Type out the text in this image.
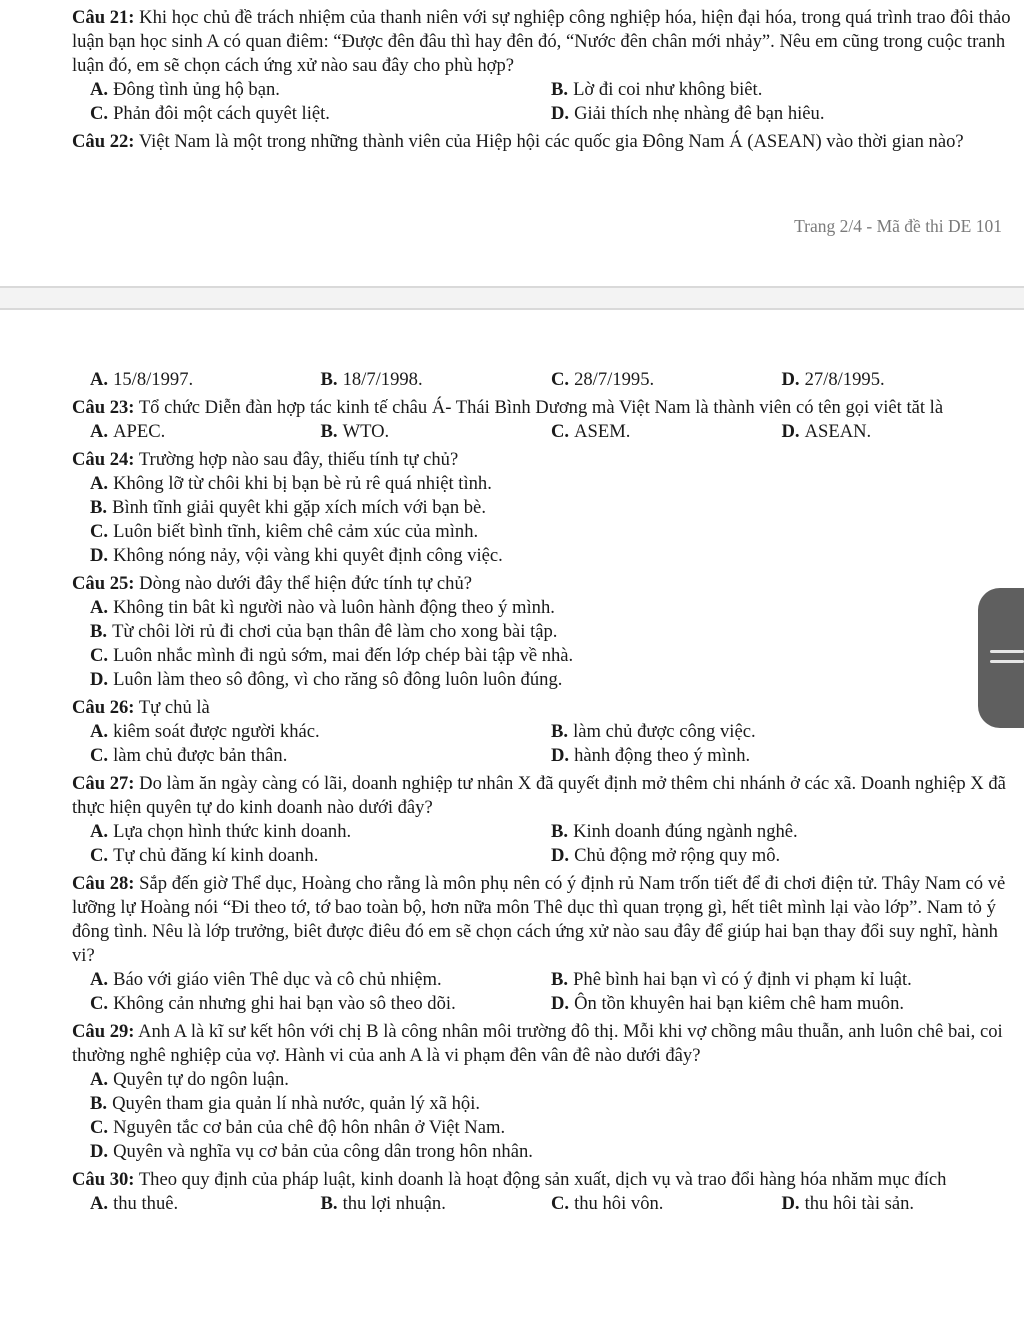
Câu 21: Khi học chủ đề trách nhiệm của thanh niên với sự nghiệp công nghiệp hóa, hiện đại hóa, trong quá trình trao đôi thảo luận bạn học sinh A có quan điêm: “Được đên đâu thì hay đên đó, “Nước đên chân mới nhảy”. Nêu em cũng trong cuộc tranh luận đó, em sẽ chọn cách ứng xử nào sau đây cho phù hợp?

A. Đông tình ủng hộ bạn.	B. Lờ đi coi như không biêt.
C. Phản đôi một cách quyêt liệt.	D. Giải thích nhẹ nhàng đê bạn hiêu.

Câu 22: Việt Nam là một trong những thành viên của Hiệp hội các quốc gia Đông Nam Á (ASEAN) vào thời gian nào?

Trang 2/4 - Mã đề thi DE 101
A. 15/8/1997.	B. 18/7/1998.	C. 28/7/1995.	D. 27/8/1995.

Câu 23: Tổ chức Diễn đàn hợp tác kinh tế châu Á- Thái Bình Dương mà Việt Nam là thành viên có tên gọi viêt tăt là

A. APEC.	B. WTO.	C. ASEM.	D. ASEAN.

Câu 24: Trường hợp nào sau đây, thiếu tính tự chủ?

A. Không lỡ từ chôi khi bị bạn bè rủ rê quá nhiệt tình.
B. Bình tĩnh giải quyêt khi gặp xích mích với bạn bè.
C. Luôn biết bình tĩnh, kiêm chê cảm xúc của mình.
D. Không nóng nảy, vội vàng khi quyêt định công việc.

Câu 25: Dòng nào dưới đây thể hiện đức tính tự chủ?

A. Không tin bât kì người nào và luôn hành động theo ý mình.
B. Từ chôi lời rủ đi chơi của bạn thân đê làm cho xong bài tập.
C. Luôn nhắc mình đi ngủ sớm, mai đến lớp chép bài tập về nhà.
D. Luôn làm theo sô đông, vì cho răng sô đông luôn luôn đúng.

Câu 26: Tự chủ là

A. kiêm soát được người khác.	B. làm chủ được công việc.
C. làm chủ được bản thân.	D. hành động theo ý mình.

Câu 27: Do làm ăn ngày càng có lãi, doanh nghiệp tư nhân X đã quyết định mở thêm chi nhánh ở các xã. Doanh nghiệp X đã thực hiện quyên tự do kinh doanh nào dưới đây?

A. Lựa chọn hình thức kinh doanh.	B. Kinh doanh đúng ngành nghê.
C. Tự chủ đăng kí kinh doanh.	D. Chủ động mở rộng quy mô.

Câu 28: Sắp đến giờ Thể dục, Hoàng cho rằng là môn phụ nên có ý định rủ Nam trốn tiết để đi chơi điện tử. Thây Nam có vẻ lưỡng lự Hoàng nói “Đi theo tớ, tớ bao toàn bộ, hơn nữa môn Thê dục thì quan trọng gì, hết tiêt mình lại vào lớp”. Nam tỏ ý đông tình. Nêu là lớp trưởng, biêt được điêu đó em sẽ chọn cách ứng xử nào sau đây để giúp hai bạn thay đổi suy nghĩ, hành vi?

A. Báo với giáo viên Thê dục và cô chủ nhiệm.	B. Phê bình hai bạn vì có ý định vi phạm kỉ luật.
C. Không cản nhưng ghi hai bạn vào sô theo dõi.	D. Ôn tồn khuyên hai bạn kiêm chê ham muôn.

Câu 29: Anh A là kĩ sư kết hôn với chị B là công nhân môi trường đô thị. Mỗi khi vợ chồng mâu thuẫn, anh luôn chê bai, coi thường nghê nghiệp của vợ. Hành vi của anh A là vi phạm đên vân đê nào dưới đây?

A. Quyên tự do ngôn luận.
B. Quyên tham gia quản lí nhà nước, quản lý xã hội.
C. Nguyên tắc cơ bản của chê độ hôn nhân ở Việt Nam.
D. Quyên và nghĩa vụ cơ bản của công dân trong hôn nhân.

Câu 30: Theo quy định của pháp luật, kinh doanh là hoạt động sản xuất, dịch vụ và trao đổi hàng hóa nhăm mục đích

A. thu thuê.	B. thu lợi nhuận.	C. thu hôi vôn.	D. thu hôi tài sản.
